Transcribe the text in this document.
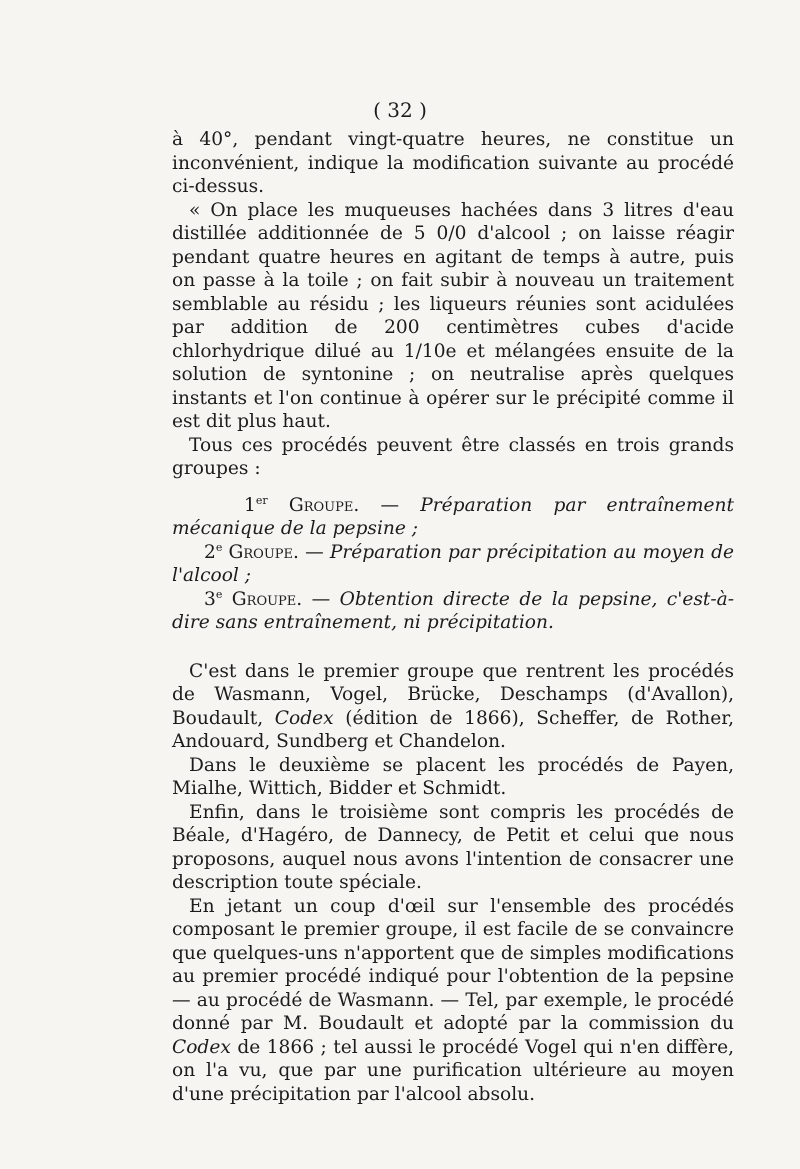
( 32 )

à 40°, pendant vingt-quatre heures, ne constitue un inconvénient, indique la modification suivante au procédé ci-dessus.

« On place les muqueuses hachées dans 3 litres d'eau distillée additionnée de 5 0/0 d'alcool ; on laisse réagir pendant quatre heures en agitant de temps à autre, puis on passe à la toile ; on fait subir à nouveau un traitement semblable au résidu ; les liqueurs réunies sont acidulées par addition de 200 centimètres cubes d'acide chlorhydrique dilué au 1/10e et mélangées ensuite de la solution de syntonine ; on neutralise après quelques instants et l'on continue à opérer sur le précipité comme il est dit plus haut.

Tous ces procédés peuvent être classés en trois grands groupes :

1er Groupe. — Préparation par entraînement mécanique de la pepsine ;

2e Groupe. — Préparation par précipitation au moyen de l'alcool ;

3e Groupe. — Obtention directe de la pepsine, c'est-à-dire sans entraînement, ni précipitation.

C'est dans le premier groupe que rentrent les procédés de Wasmann, Vogel, Brücke, Deschamps (d'Avallon), Boudault, Codex (édition de 1866), Scheffer, de Rother, Andouard, Sundberg et Chandelon.

Dans le deuxième se placent les procédés de Payen, Mialhe, Wittich, Bidder et Schmidt.

Enfin, dans le troisième sont compris les procédés de Béale, d'Hagéro, de Dannecy, de Petit et celui que nous proposons, auquel nous avons l'intention de consacrer une description toute spéciale.

En jetant un coup d'œil sur l'ensemble des procédés composant le premier groupe, il est facile de se convaincre que quelques-uns n'apportent que de simples modifications au premier procédé indiqué pour l'obtention de la pepsine — au procédé de Wasmann. — Tel, par exemple, le procédé donné par M. Boudault et adopté par la commission du Codex de 1866 ; tel aussi le procédé Vogel qui n'en diffère, on l'a vu, que par une purification ultérieure au moyen d'une précipitation par l'alcool absolu.
